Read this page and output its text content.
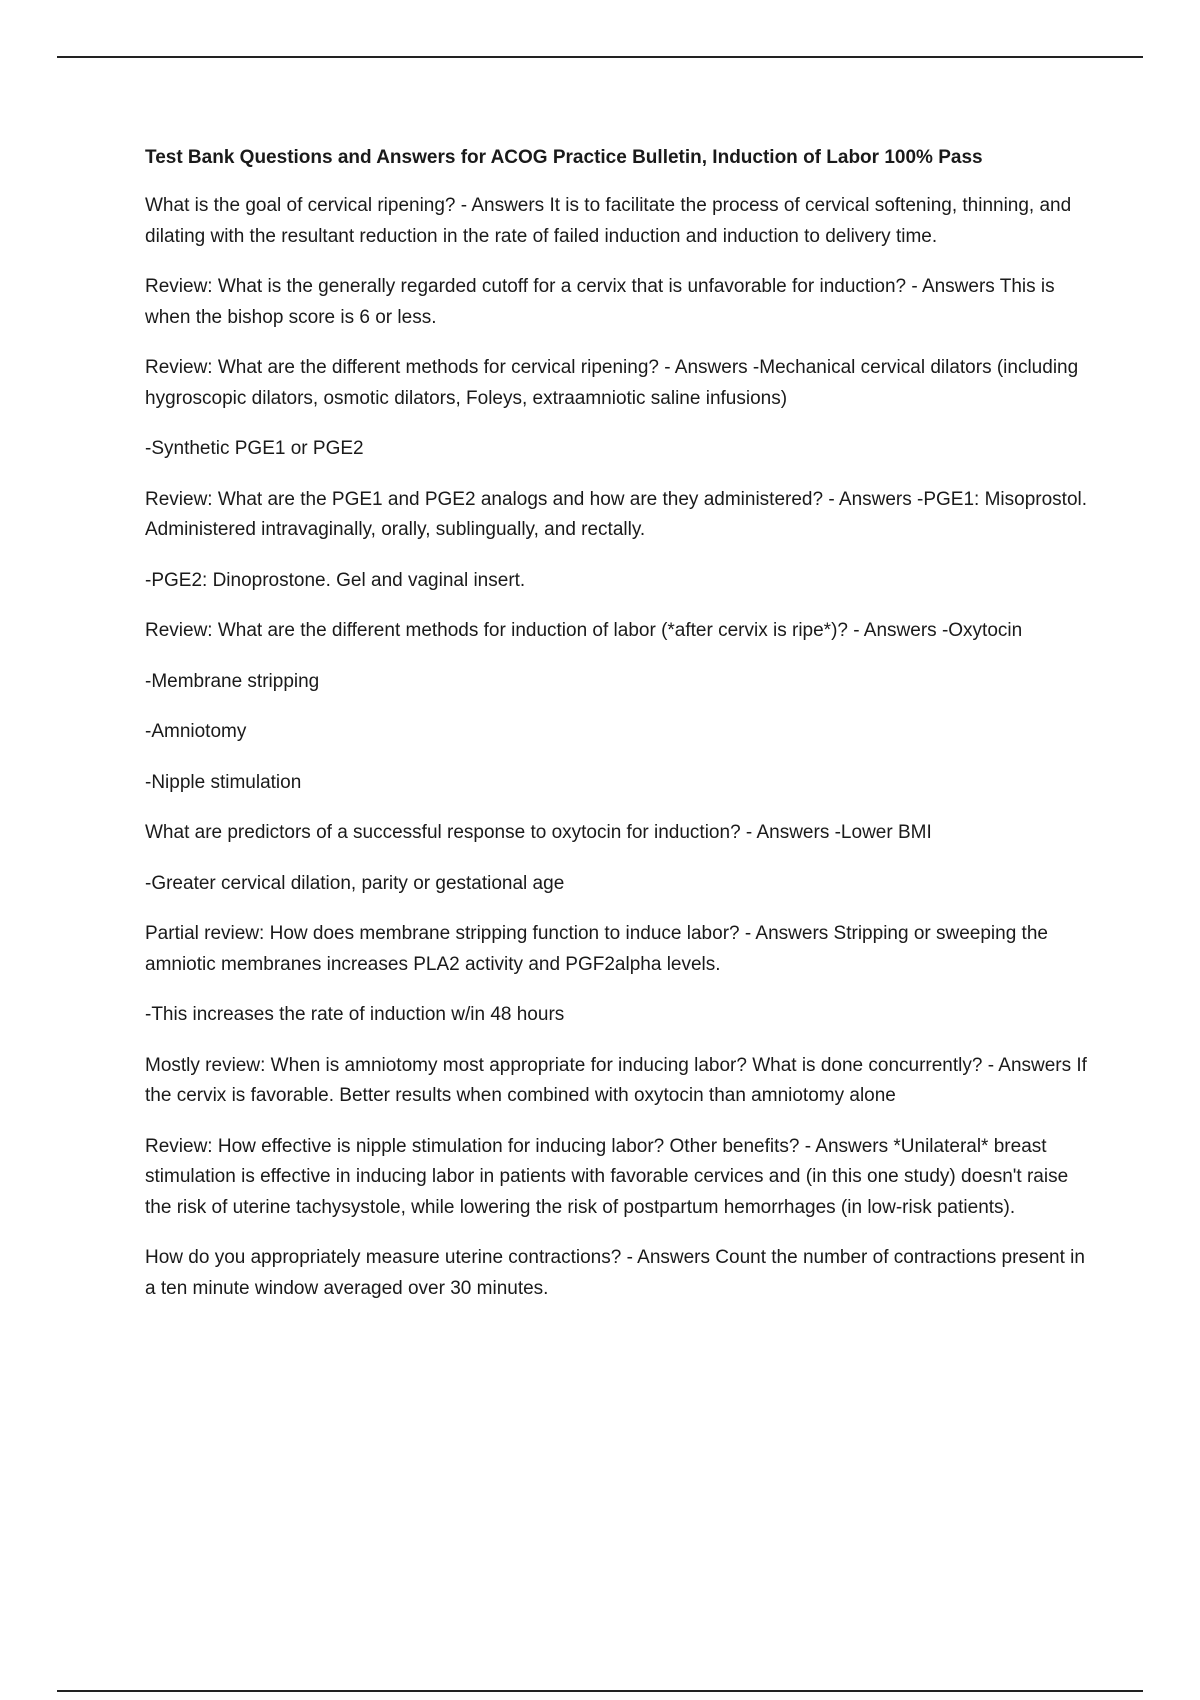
Test Bank Questions and Answers for ACOG Practice Bulletin, Induction of Labor 100% Pass

What is the goal of cervical ripening? - Answers It is to facilitate the process of cervical softening, thinning, and dilating with the resultant reduction in the rate of failed induction and induction to delivery time.

Review: What is the generally regarded cutoff for a cervix that is unfavorable for induction? - Answers This is when the bishop score is 6 or less.

Review: What are the different methods for cervical ripening? - Answers -Mechanical cervical dilators (including hygroscopic dilators, osmotic dilators, Foleys, extraamniotic saline infusions)

-Synthetic PGE1 or PGE2

Review: What are the PGE1 and PGE2 analogs and how are they administered? - Answers -PGE1: Misoprostol. Administered intravaginally, orally, sublingually, and rectally.

-PGE2: Dinoprostone. Gel and vaginal insert.

Review: What are the different methods for induction of labor (*after cervix is ripe*)? - Answers -Oxytocin

-Membrane stripping

-Amniotomy

-Nipple stimulation

What are predictors of a successful response to oxytocin for induction? - Answers -Lower BMI

-Greater cervical dilation, parity or gestational age

Partial review: How does membrane stripping function to induce labor? - Answers Stripping or sweeping the amniotic membranes increases PLA2 activity and PGF2alpha levels.

-This increases the rate of induction w/in 48 hours

Mostly review: When is amniotomy most appropriate for inducing labor? What is done concurrently? - Answers If the cervix is favorable. Better results when combined with oxytocin than amniotomy alone

Review: How effective is nipple stimulation for inducing labor? Other benefits? - Answers *Unilateral* breast stimulation is effective in inducing labor in patients with favorable cervices and (in this one study) doesn't raise the risk of uterine tachysystole, while lowering the risk of postpartum hemorrhages (in low-risk patients).

How do you appropriately measure uterine contractions? - Answers Count the number of contractions present in a ten minute window averaged over 30 minutes.
